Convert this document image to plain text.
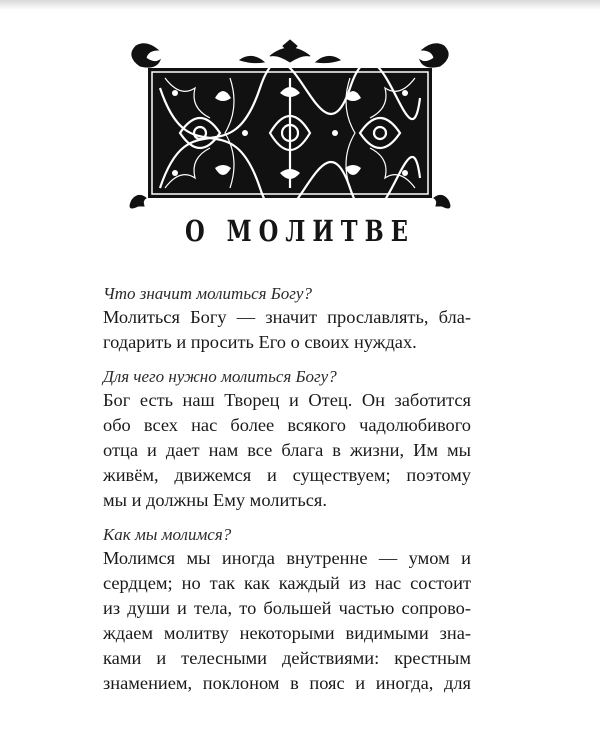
О МОЛИТВЕ
Что значит молиться Богу?
Молиться Богу — значит прославлять, бла-
годарить и просить Его о своих нуждах.
Для чего нужно молиться Богу?
Бог есть наш Творец и Отец. Он заботится
обо всех нас более всякого чадолюбивого
отца и дает нам все блага в жизни, Им мы
живём, движемся и существуем; поэтому
мы и должны Ему молиться.
Как мы молимся?
Молимся мы иногда внутренне — умом и
сердцем; но так как каждый из нас состоит
из души и тела, то большей частью сопрово-
ждаем молитву некоторыми видимыми зна-
ками и телесными действиями: крестным
знамением, поклоном в пояс и иногда, для
